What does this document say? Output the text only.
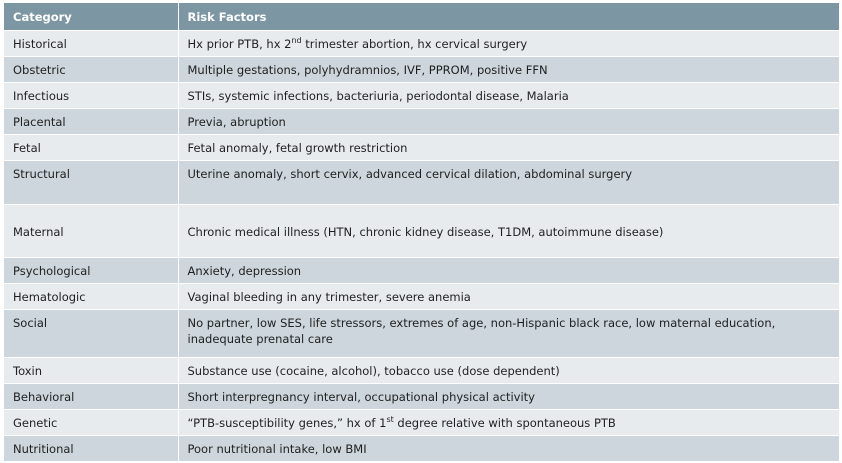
Category	Risk Factors
Historical	Hx prior PTB, hx 2nd trimester abortion, hx cervical surgery
Obstetric	Multiple gestations, polyhydramnios, IVF, PPROM, positive FFN
Infectious	STIs, systemic infections, bacteriuria, periodontal disease, Malaria
Placental	Previa, abruption
Fetal	Fetal anomaly, fetal growth restriction
Structural	Uterine anomaly, short cervix, advanced cervical dilation, abdominal surgery
Maternal	Chronic medical illness (HTN, chronic kidney disease, T1DM, autoimmune disease)
Psychological	Anxiety, depression
Hematologic	Vaginal bleeding in any trimester, severe anemia
Social	No partner, low SES, life stressors, extremes of age, non-Hispanic black race, low maternal education, inadequate prenatal care
Toxin	Substance use (cocaine, alcohol), tobacco use (dose dependent)
Behavioral	Short interpregnancy interval, occupational physical activity
Genetic	“PTB-susceptibility genes,” hx of 1st degree relative with spontaneous PTB
Nutritional	Poor nutritional intake, low BMI
